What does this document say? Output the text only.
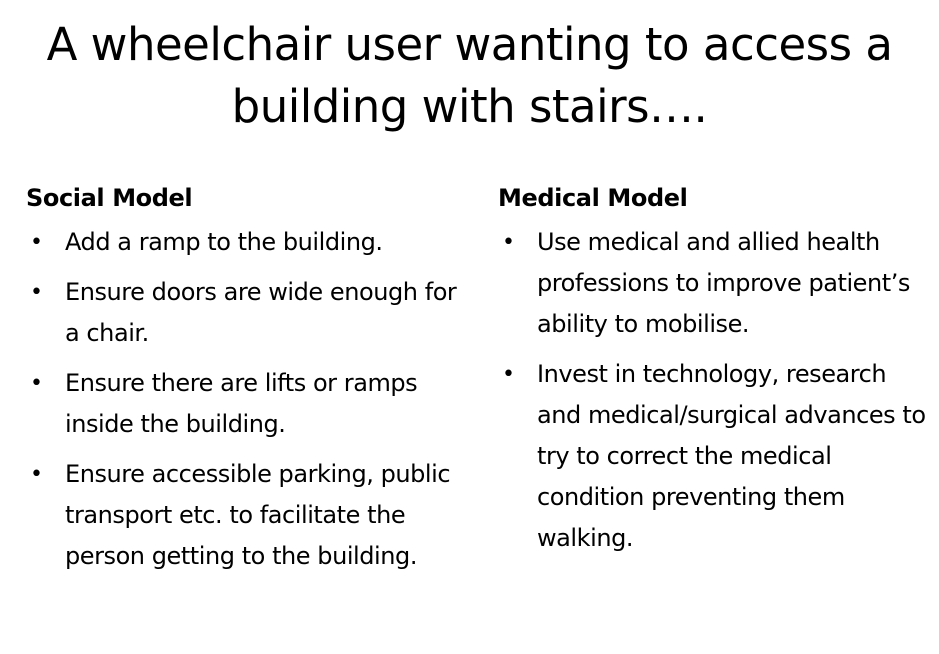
A wheelchair user wanting to access a building with stairs….
Social Model
• Add a ramp to the building.
• Ensure doors are wide enough for a chair.
• Ensure there are lifts or ramps inside the building.
• Ensure accessible parking, public transport etc. to facilitate the person getting to the building.
Medical Model
• Use medical and allied health professions to improve patient’s ability to mobilise.
• Invest in technology, research and medical/surgical advances to try to correct the medical condition preventing them walking.
